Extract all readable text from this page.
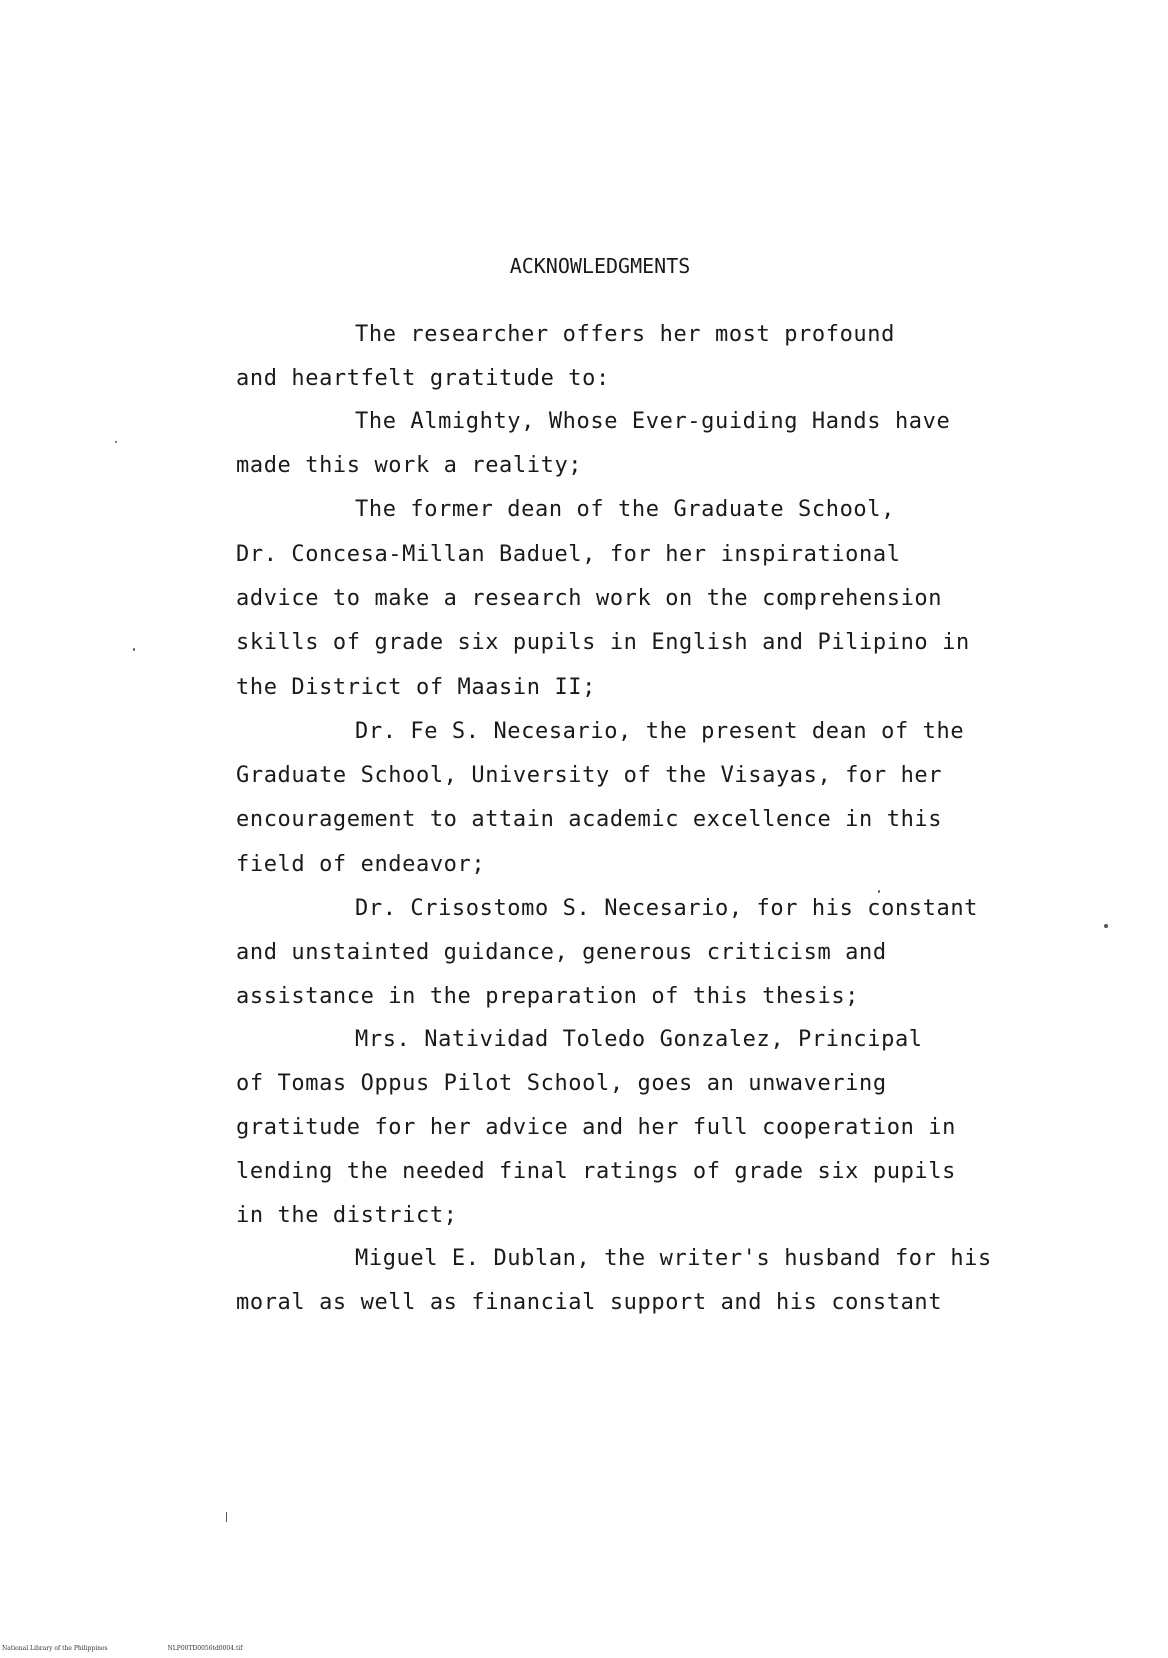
ACKNOWLEDGMENTS
The researcher offers her most profound
and heartfelt gratitude to:
The Almighty, Whose Ever-guiding Hands have
made this work a reality;
The former dean of the Graduate School,
Dr. Concesa-Millan Baduel, for her inspirational
advice to make a research work on the comprehension
skills of grade six pupils in English and Pilipino in
the District of Maasin II;
Dr. Fe S. Necesario, the present dean of the
Graduate School, University of the Visayas, for her
encouragement to attain academic excellence in this
field of endeavor;
Dr. Crisostomo S. Necesario, for his constant
and unstainted guidance, generous criticism and
assistance in the preparation of this thesis;
Mrs. Natividad Toledo Gonzalez, Principal
of Tomas Oppus Pilot School, goes an unwavering
gratitude for her advice and her full cooperation in
lending the needed final ratings of grade six pupils
in the district;
Miguel E. Dublan, the writer's husband for his
moral as well as financial support and his constant
National Library of the Philippines	NLP00TD0056td0004.tif
